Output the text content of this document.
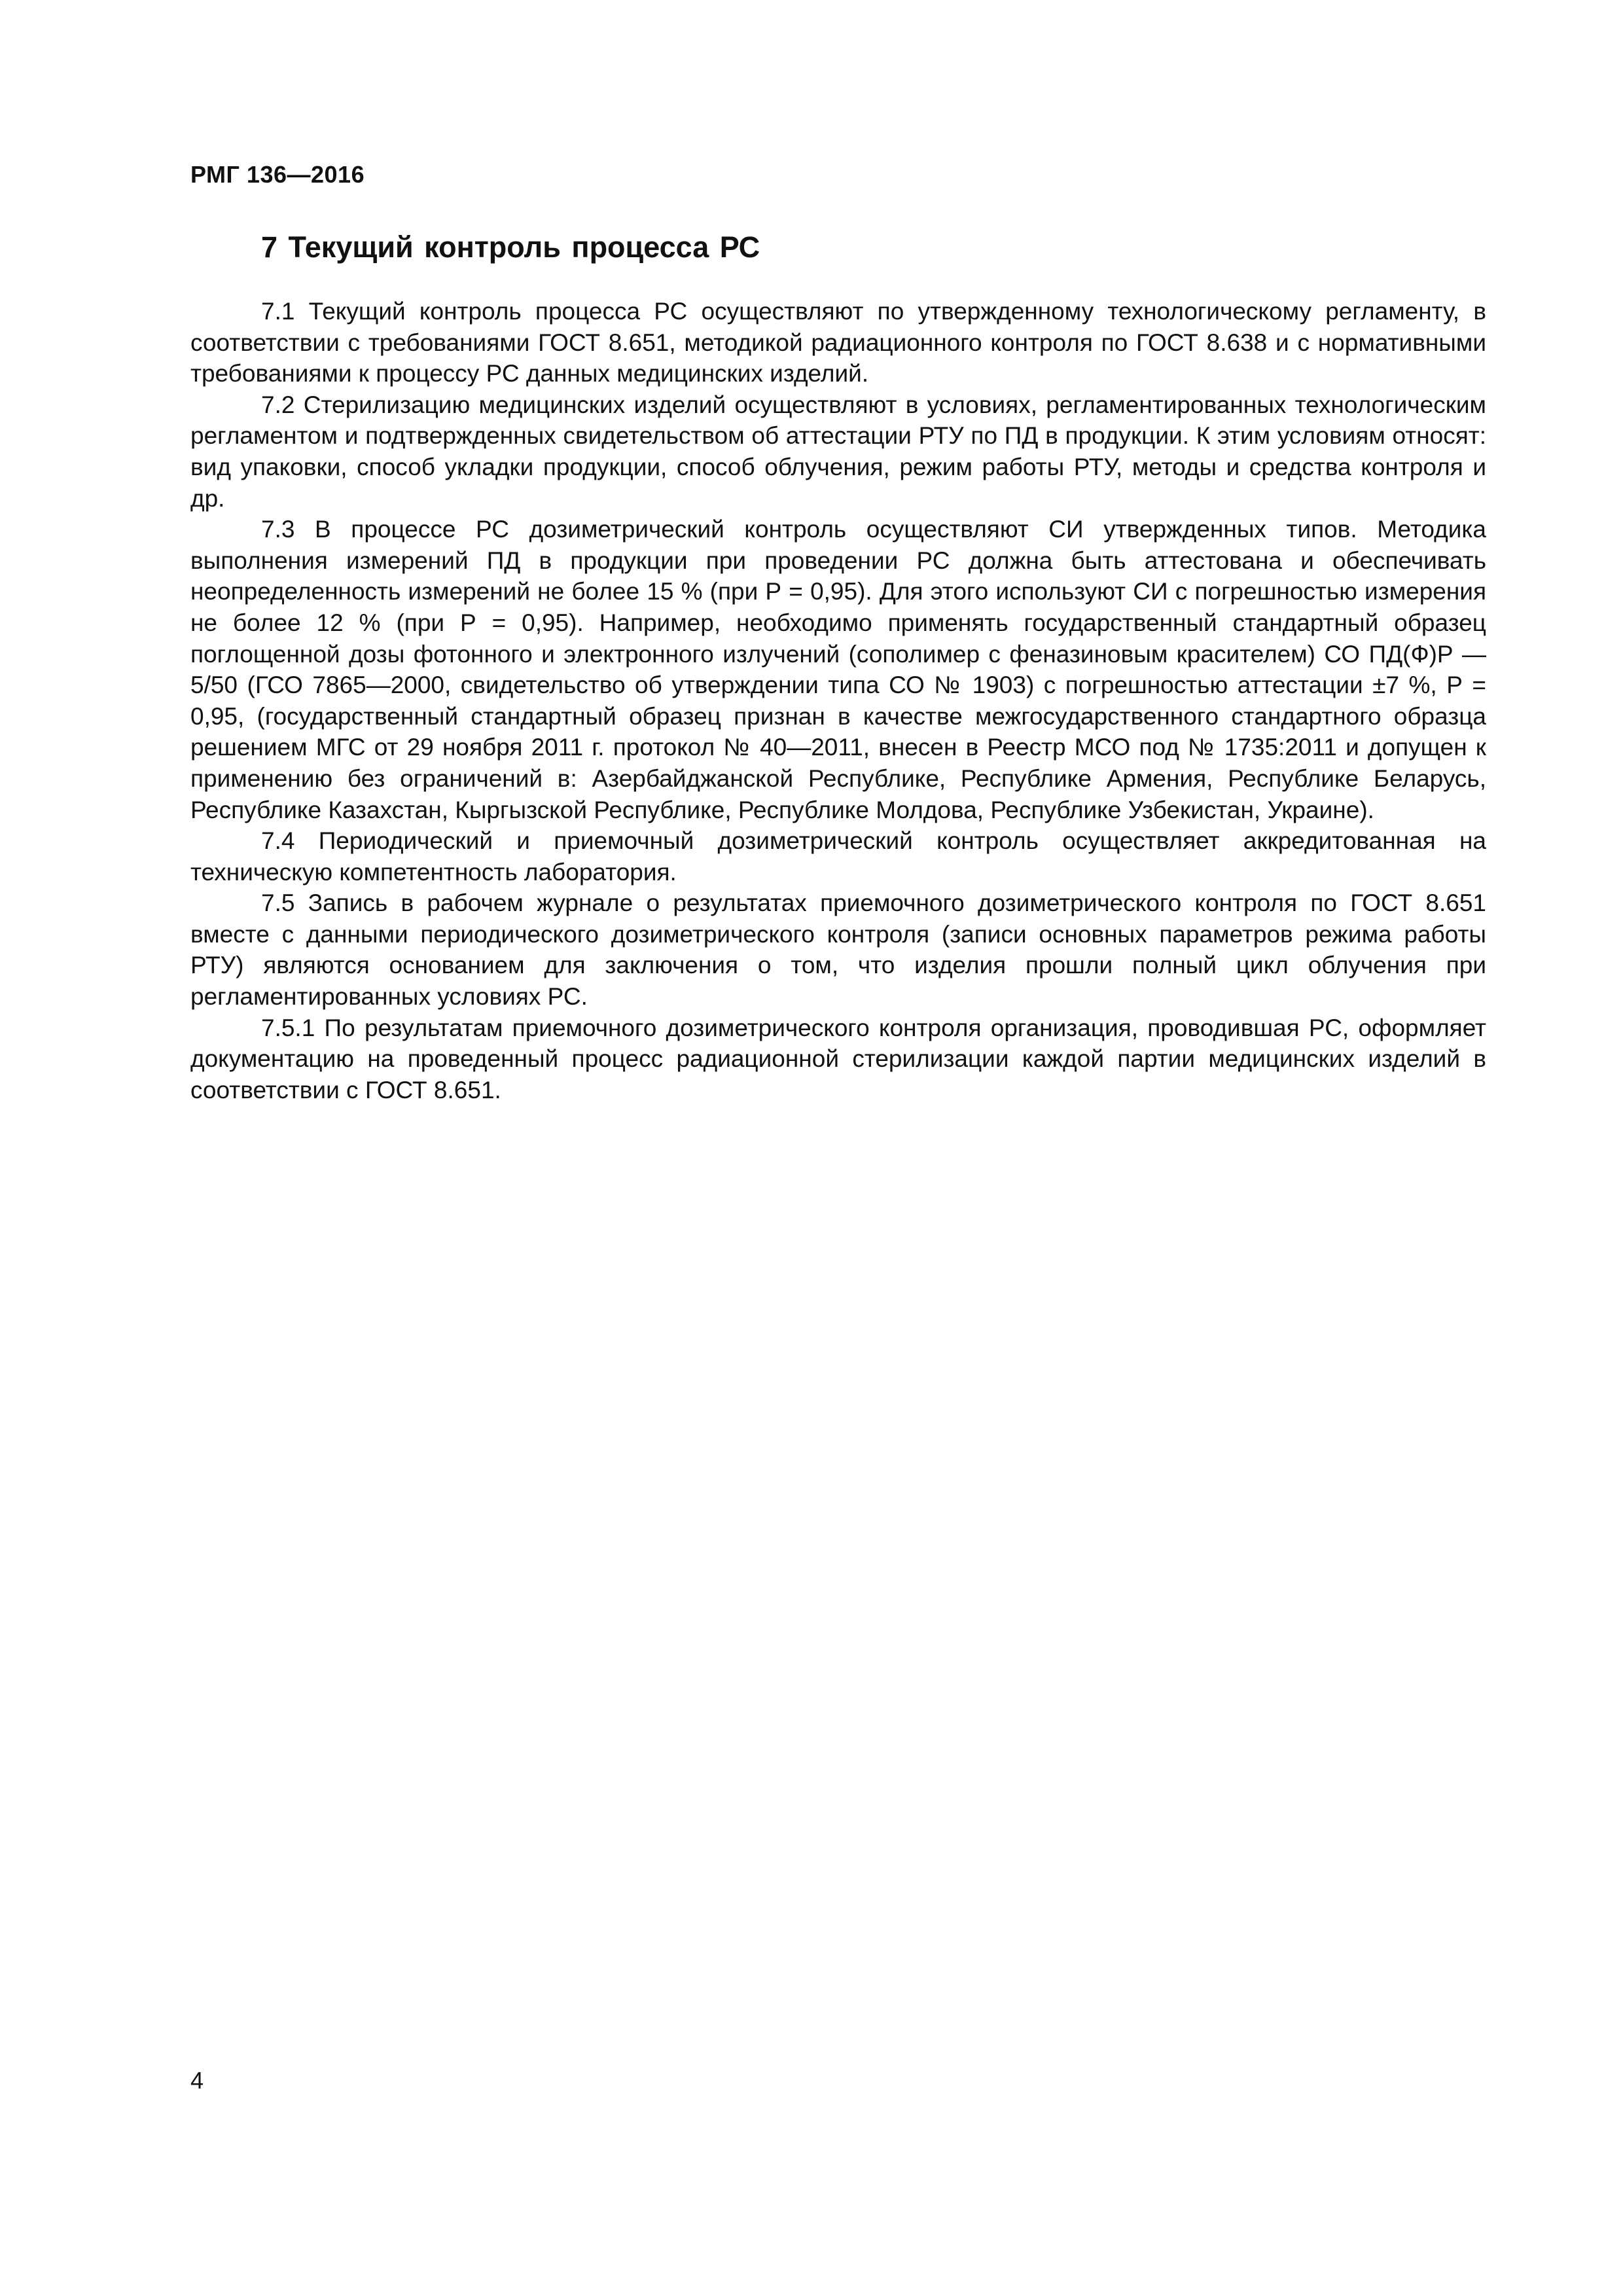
РМГ 136—2016
7 Текущий контроль процесса РС

7.1 Текущий контроль процесса РС осуществляют по утвержденному технологическому регламенту, в соответствии с требованиями ГОСТ 8.651, методикой радиационного контроля по ГОСТ 8.638 и с нормативными требованиями к процессу РС данных медицинских изделий.

7.2 Стерилизацию медицинских изделий осуществляют в условиях, регламентированных технологическим регламентом и подтвержденных свидетельством об аттестации РТУ по ПД в продукции. К этим условиям относят: вид упаковки, способ укладки продукции, способ облучения, режим работы РТУ, методы и средства контроля и др.

7.3 В процессе РС дозиметрический контроль осуществляют СИ утвержденных типов. Методика выполнения измерений ПД в продукции при проведении РС должна быть аттестована и обеспечивать неопределенность измерений не более 15 % (при Р = 0,95). Для этого используют СИ с погрешностью измерения не более 12 % (при Р = 0,95). Например, необходимо применять государственный стандартный образец поглощенной дозы фотонного и электронного излучений (сополимер с феназиновым красителем) СО ПД(Ф)Р — 5/50 (ГСО 7865—2000, свидетельство об утверждении типа СО № 1903) с погрешностью аттестации ±7 %, Р = 0,95, (государственный стандартный образец признан в качестве межгосударственного стандартного образца решением МГС от 29 ноября 2011 г. протокол № 40—2011, внесен в Реестр МСО под № 1735:2011 и допущен к применению без ограничений в: Азербайджанской Республике, Республике Армения, Республике Беларусь, Республике Казахстан, Кыргызской Республике, Республике Молдова, Республике Узбекистан, Украине).

7.4 Периодический и приемочный дозиметрический контроль осуществляет аккредитованная на техническую компетентность лаборатория.

7.5 Запись в рабочем журнале о результатах приемочного дозиметрического контроля по ГОСТ 8.651 вместе с данными периодического дозиметрического контроля (записи основных параметров режима работы РТУ) являются основанием для заключения о том, что изделия прошли полный цикл облучения при регламентированных условиях РС.

7.5.1 По результатам приемочного дозиметрического контроля организация, проводившая РС, оформляет документацию на проведенный процесс радиационной стерилизации каждой партии медицинских изделий в соответствии с ГОСТ 8.651.

4
